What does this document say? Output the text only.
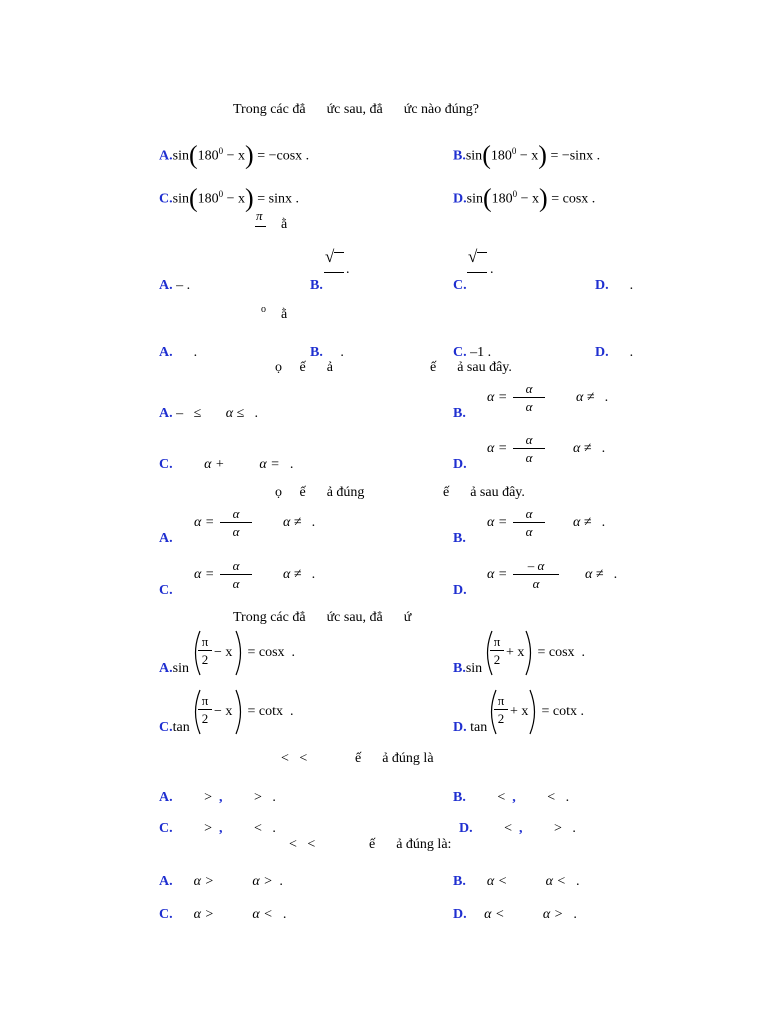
Trong các đẳ      ức sau, đẳ      ức nào đúng?

$A.\sin(180^0 - x) = -\cos x$ .	$B.\sin(180^0 - x) = -\sin x$ .

$C.\sin(180^0 - x) = \sin x$ .	$D.\sin(180^0 - x) = \cos x$ .

π
ằ

A. – .	B.

√
.

C.

√
.

D. .

o ằ

A. .	B. .	C. –1 .	D. .

ọ     ế      ả	ế      ả sau đây.

A. –   ≤       α ≤   .	B.

α =
α
α
α ≠   .

C. α +          α =   .	D.

α =
α
α
α ≠   .
ọ     ế      ả đúng	ế      ả sau đây.

A.

α =
α
α
α ≠   .

B.

α =
α
α
α ≠   .

C.

α =
α
α
α ≠   .

D.

α =
– α
α
α ≠   .
Trong các đẳ      ức sau, đẳ      ứ

A.sin

π
2 − x = cosx  .

B.sin

π
2 + x = cosx  .

C.tan

π
2 − x = cotx  .

D. tan

π
2 + x = cotx .
<   <	ế      ả đúng là

A. > , >   .	B. < , <   .

C. > , <   .	D. < , >   .

<   <	ế      ả đúng là:

A. α >           α >  .	B. α <           α <   .

C. α >           α <   .	D. α <           α >   .
